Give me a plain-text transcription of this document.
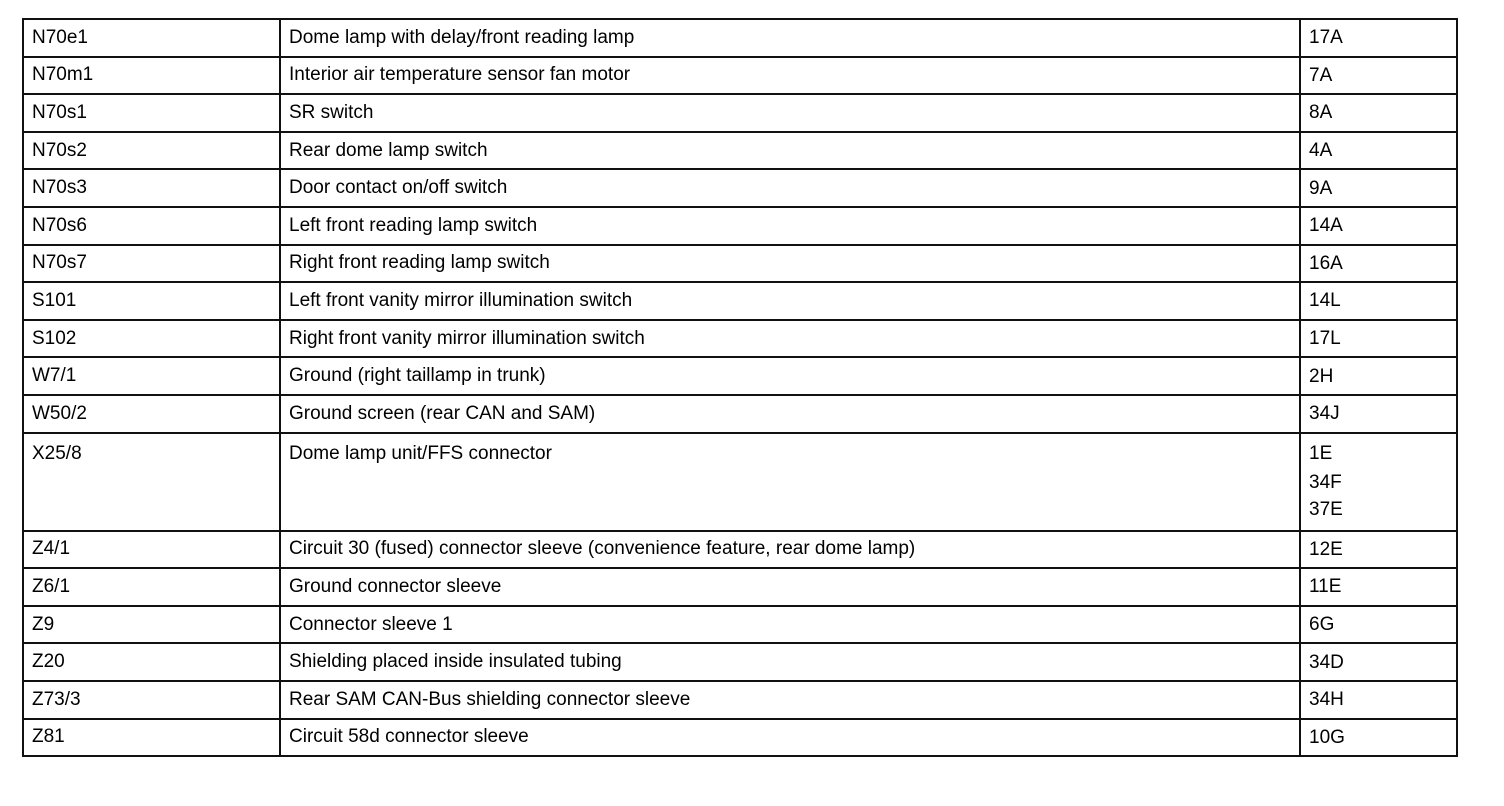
N70e1	Dome lamp with delay/front reading lamp	17A

N70m1	Interior air temperature sensor fan motor	7A

N70s1	SR switch	8A

N70s2	Rear dome lamp switch	4A

N70s3	Door contact on/off switch	9A

N70s6	Left front reading lamp switch	14A

N70s7	Right front reading lamp switch	16A

S101	Left front vanity mirror illumination switch	14L

S102	Right front vanity mirror illumination switch	17L

W7/1	Ground (right taillamp in trunk)	2H

W50/2	Ground screen (rear CAN and SAM)	34J

X25/8	Dome lamp unit/FFS connector	1E
34F
37E

Z4/1	Circuit 30 (fused) connector sleeve (convenience feature, rear dome lamp)	12E

Z6/1	Ground connector sleeve	11E

Z9	Connector sleeve 1	6G

Z20	Shielding placed inside insulated tubing	34D

Z73/3	Rear SAM CAN-Bus shielding connector sleeve	34H

Z81	Circuit 58d connector sleeve	10G
